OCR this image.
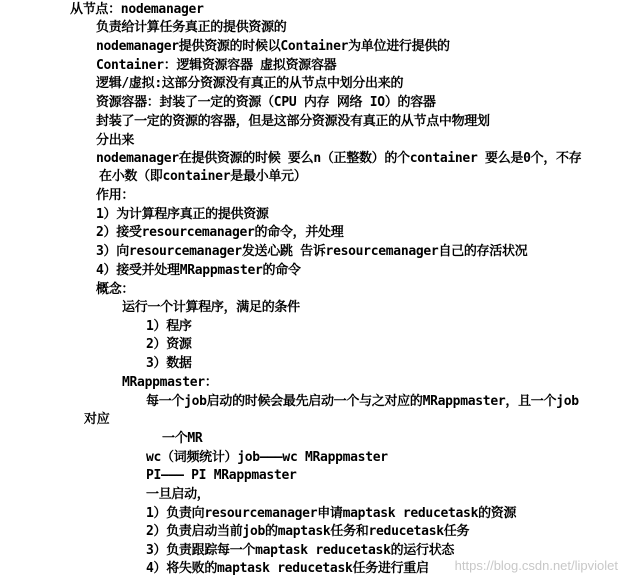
从节点：nodemanager
负责给计算任务真正的提供资源的
nodemanager提供资源的时候以Container为单位进行提供的
Container：逻辑资源容器 虚拟资源容器
逻辑/虚拟:这部分资源没有真正的从节点中划分出来的
资源容器：封装了一定的资源（CPU 内存 网络 IO）的容器
封装了一定的资源的容器，但是这部分资源没有真正的从节点中物理划
分出来
nodemanager在提供资源的时候 要么n（正整数）的个container 要么是0个，不存
在小数（即container是最小单元）
作用：
1）为计算程序真正的提供资源
2）接受resourcemanager的命令，并处理
3）向resourcemanager发送心跳 告诉resourcemanager自己的存活状况
4）接受并处理MRappmaster的命令
概念：
运行一个计算程序，满足的条件
1）程序
2）资源
3）数据
MRappmaster：
每一个job启动的时候会最先启动一个与之对应的MRappmaster，且一个job
对应
一个MR
wc（词频统计）job———wc MRappmaster
PI——— PI MRappmaster
一旦启动，
1）负责向resourcemanager申请maptask reducetask的资源
2）负责启动当前job的maptask任务和reducetask任务
3）负责跟踪每一个maptask reducetask的运行状态
4）将失败的maptask reducetask任务进行重启 https://blog.csdn.net/lipviolet
